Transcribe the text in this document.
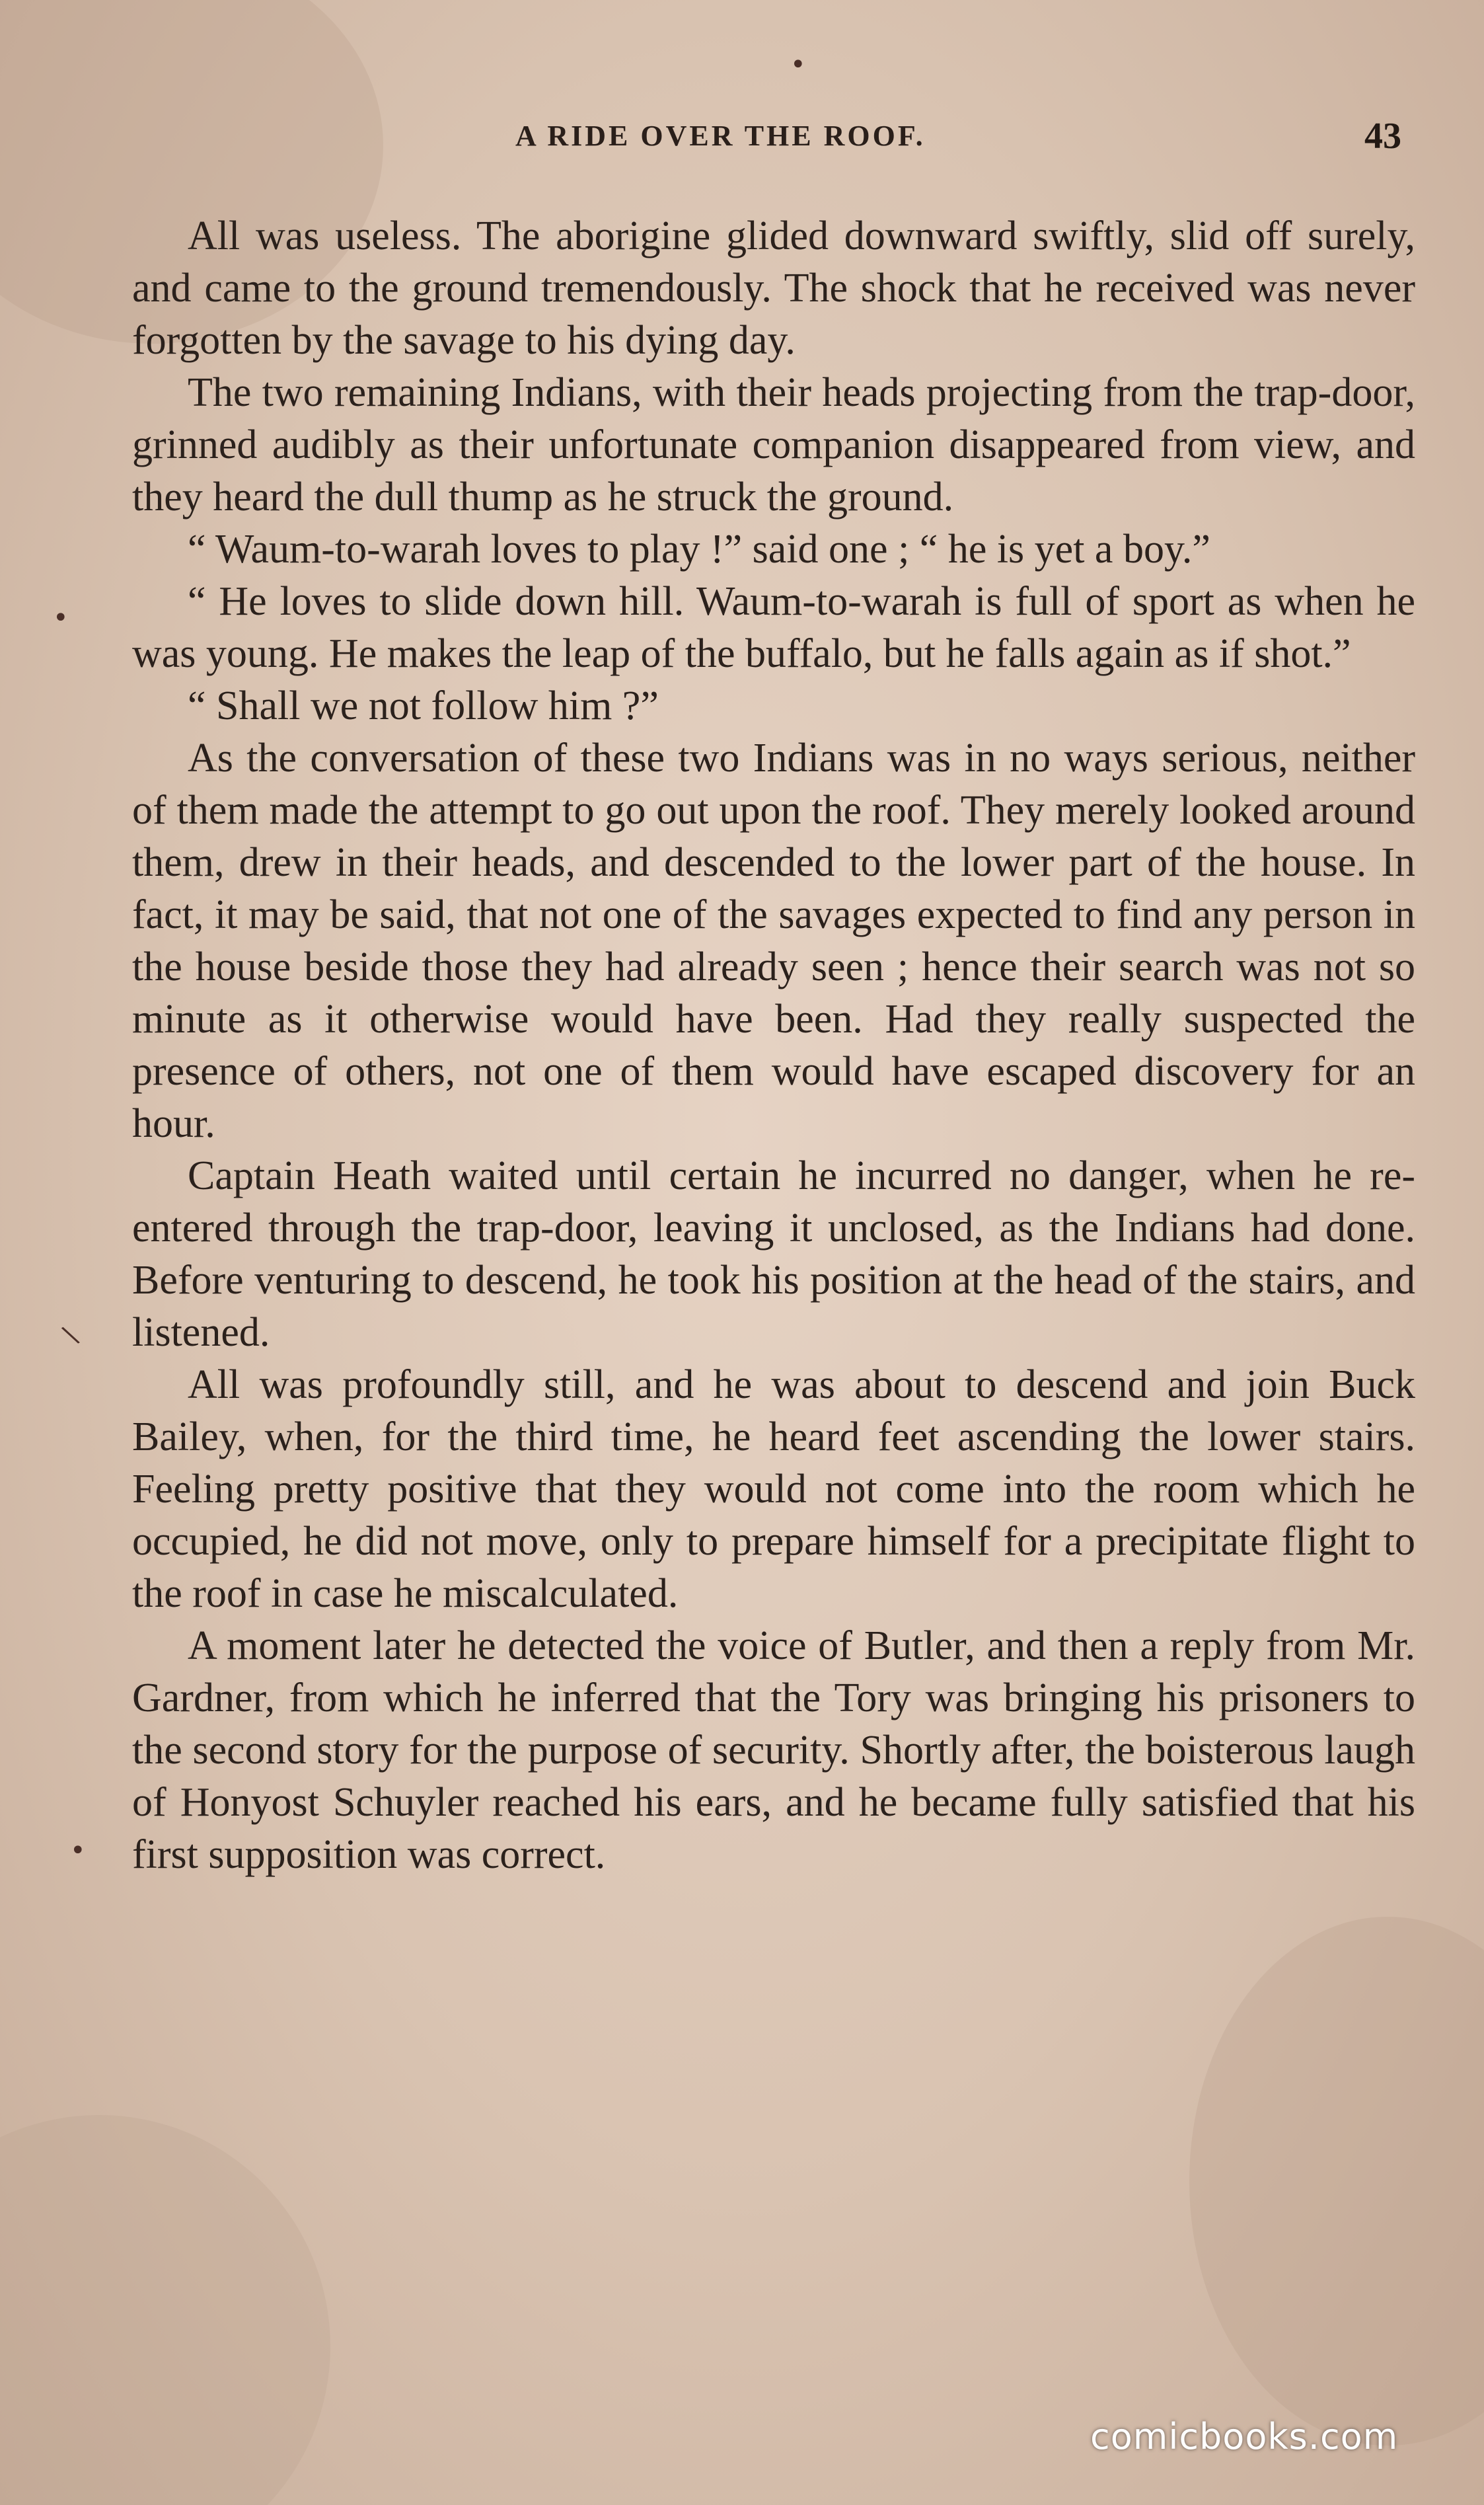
•
•
\
•
A RIDE OVER THE ROOF.	43

All was useless. The aborigine glided downward swiftly, slid off surely, and came to the ground tremendously. The shock that he received was never forgotten by the savage to his dying day.

The two remaining Indians, with their heads projecting from the trap-door, grinned audibly as their unfortunate companion disappeared from view, and they heard the dull thump as he struck the ground.

“ Waum-to-warah loves to play !” said one ; “ he is yet a boy.”

“ He loves to slide down hill. Waum-to-warah is full of sport as when he was young. He makes the leap of the buffalo, but he falls again as if shot.”

“ Shall we not follow him ?”

As the conversation of these two Indians was in no ways serious, neither of them made the attempt to go out upon the roof. They merely looked around them, drew in their heads, and descended to the lower part of the house. In fact, it may be said, that not one of the savages expected to find any person in the house beside those they had already seen ; hence their search was not so minute as it otherwise would have been. Had they really suspected the presence of others, not one of them would have escaped discovery for an hour.

Captain Heath waited until certain he incurred no danger, when he re-entered through the trap-door, leaving it unclosed, as the Indians had done. Before venturing to descend, he took his position at the head of the stairs, and listened.

All was profoundly still, and he was about to descend and join Buck Bailey, when, for the third time, he heard feet ascending the lower stairs. Feeling pretty positive that they would not come into the room which he occupied, he did not move, only to prepare himself for a precipitate flight to the roof in case he miscalculated.

A moment later he detected the voice of Butler, and then a reply from Mr. Gardner, from which he inferred that the Tory was bringing his prisoners to the second story for the purpose of security. Shortly after, the boisterous laugh of Honyost Schuyler reached his ears, and he became fully satisfied that his first supposition was correct.

comicbooks.com
